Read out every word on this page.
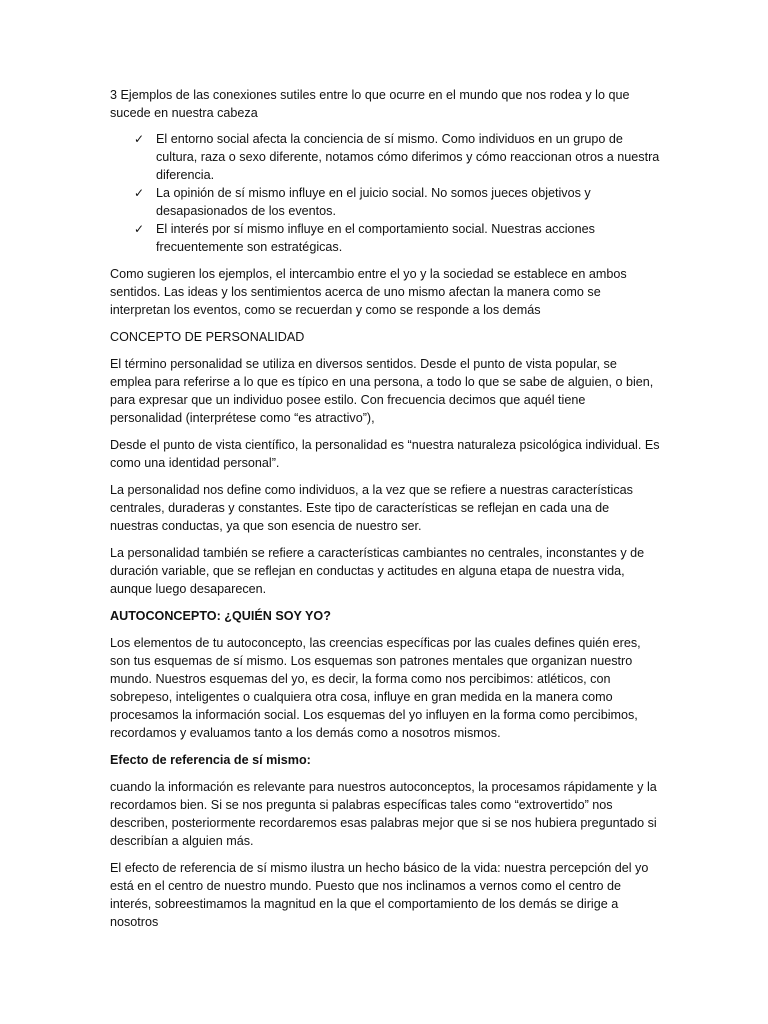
3 Ejemplos de las conexiones sutiles entre lo que ocurre en el mundo que nos rodea y lo que sucede en nuestra cabeza

✓ El entorno social afecta la conciencia de sí mismo. Como individuos en un grupo de cultura, raza o sexo diferente, notamos cómo diferimos y cómo reaccionan otros a nuestra diferencia.
✓ La opinión de sí mismo influye en el juicio social. No somos jueces objetivos y desapasionados de los eventos.
✓ El interés por sí mismo influye en el comportamiento social. Nuestras acciones frecuentemente son estratégicas.

Como sugieren los ejemplos, el intercambio entre el yo y la sociedad se establece en ambos sentidos. Las ideas y los sentimientos acerca de uno mismo afectan la manera como se interpretan los eventos, como se recuerdan y como se responde a los demás

CONCEPTO DE PERSONALIDAD

El término personalidad se utiliza en diversos sentidos. Desde el punto de vista popular, se emplea para referirse a lo que es típico en una persona, a todo lo que se sabe de alguien, o bien, para expresar que un individuo posee estilo. Con frecuencia decimos que aquél tiene personalidad (interprétese como “es atractivo”),

Desde el punto de vista científico, la personalidad es “nuestra naturaleza psicológica individual. Es como una identidad personal”.

La personalidad nos define como individuos, a la vez que se refiere a nuestras características centrales, duraderas y constantes. Este tipo de características se reflejan en cada una de nuestras conductas, ya que son esencia de nuestro ser.

La personalidad también se refiere a características cambiantes no centrales, inconstantes y de duración variable, que se reflejan en conductas y actitudes en alguna etapa de nuestra vida, aunque luego desaparecen.

AUTOCONCEPTO: ¿QUIÉN SOY YO?

Los elementos de tu autoconcepto, las creencias específicas por las cuales defines quién eres, son tus esquemas de sí mismo. Los esquemas son patrones mentales que organizan nuestro mundo. Nuestros esquemas del yo, es decir, la forma como nos percibimos: atléticos, con sobrepeso, inteligentes o cualquiera otra cosa, influye en gran medida en la manera como procesamos la información social. Los esquemas del yo influyen en la forma como percibimos, recordamos y evaluamos tanto a los demás como a nosotros mismos.

Efecto de referencia de sí mismo:

cuando la información es relevante para nuestros autoconceptos, la procesamos rápidamente y la recordamos bien. Si se nos pregunta si palabras específicas tales como “extrovertido” nos describen, posteriormente recordaremos esas palabras mejor que si se nos hubiera preguntado si describían a alguien más.

El efecto de referencia de sí mismo ilustra un hecho básico de la vida: nuestra percepción del yo está en el centro de nuestro mundo. Puesto que nos inclinamos a vernos como el centro de interés, sobreestimamos la magnitud en la que el comportamiento de los demás se dirige a nosotros
